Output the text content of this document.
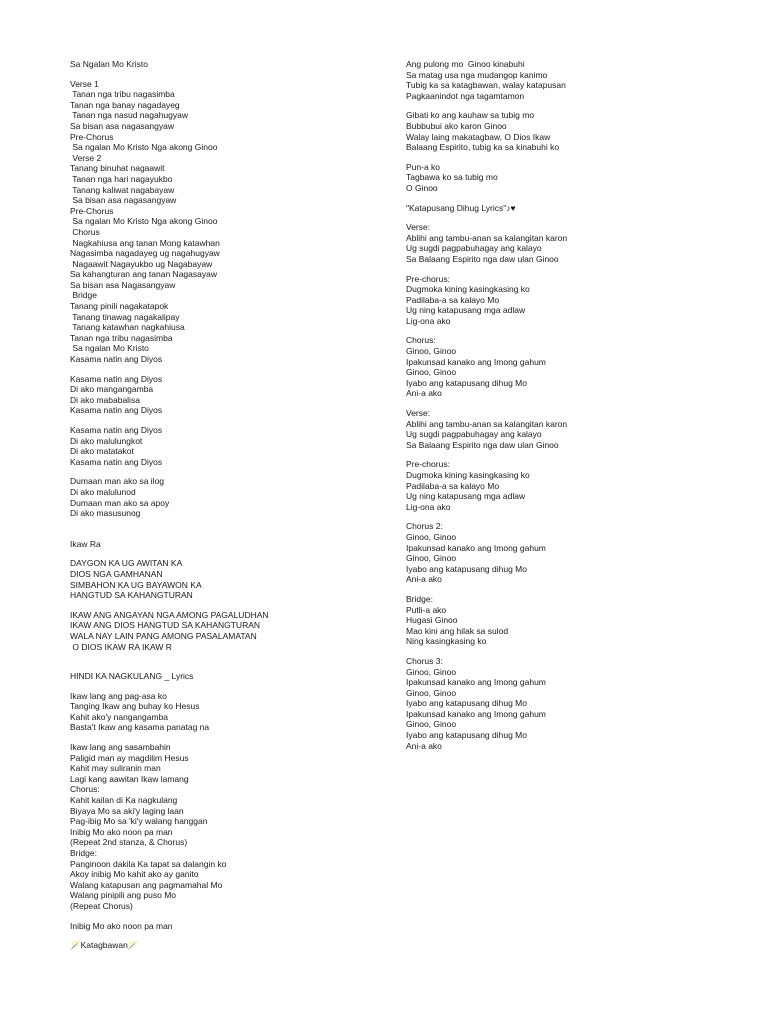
Sa Ngalan Mo Kristo
Verse 1
Tanan nga tribu nagasimba
Tanan nga banay nagadayeg
Tanan nga nasud nagahugyaw
Sa bisan asa nagasangyaw
Pre-Chorus
Sa ngalan Mo Kristo Nga akong Ginoo
Verse 2
Tanang binuhat nagaawit
Tanan nga hari nagayukbo
Tanang kaliwat nagabayaw
Sa bisan asa nagasangyaw
Pre-Chorus
Sa ngalan Mo Kristo Nga akong Ginoo
Chorus
Nagkahiusa ang tanan Mong katawhan
Nagasimba nagadayeg ug nagahugyaw
Nagaawit Nagayukbo ug Nagabayaw
Sa kahangturan ang tanan Nagasayaw
Sa bisan asa Nagasangyaw
Bridge
Tanang pinili nagakatapok
Tanang tinawag nagakalipay
Tanang katawhan nagkahiusa
Tanan nga tribu nagasimba
Sa ngalan Mo Kristo
Kasama natin ang Diyos
Kasama natin ang Diyos
Di ako mangangamba
Di ako mababalisa
Kasama natin ang Diyos
Kasama natin ang Diyos
Di ako malulungkot
Di ako matatakot
Kasama natin ang Diyos
Dumaan man ako sa ilog
Di ako malulunod
Dumaan man ako sa apoy
Di ako masusunog
Ikaw Ra
DAYGON KA UG AWITAN KA
DIOS NGA GAMHANAN
SIMBAHON KA UG BAYAWON KA
HANGTUD SA KAHANGTURAN
IKAW ANG ANGAYAN NGA AMONG PAGALUDHAN
IKAW ANG DIOS HANGTUD SA KAHANGTURAN
WALA NAY LAIN PANG AMONG PASALAMATAN
O DIOS IKAW RA IKAW R
HINDI KA NAGKULANG _ Lyrics
Ikaw lang ang pag-asa ko
Tanging Ikaw ang buhay ko Hesus
Kahit ako'y nangangamba
Basta't Ikaw ang kasama panatag na
Ikaw lang ang sasambahin
Paligid man ay magdilim Hesus
Kahit may suliranin man
Lagi kang aawitan Ikaw lamang
Chorus:
Kahit kailan di Ka nagkulang
Biyaya Mo sa aki'y laging laan
Pag-ibig Mo sa 'ki'y walang hanggan
Inibig Mo ako noon pa man
(Repeat 2nd stanza, & Chorus)
Bridge:
Panginoon dakila Ka tapat sa dalangin ko
Akoy inibig Mo kahit ako ay ganito
Walang katapusan ang pagmamahal Mo
Walang pinipili ang puso Mo
(Repeat Chorus)
Inibig Mo ako noon pa man
🪄Katagbawan🪄
Ang pulong mo  Ginoo kinabuhi
Sa matag usa nga mudangop kanimo
Tubig ka sa katagbawan, walay katapusan
Pagkaanindot nga tagamtamon
Gibati ko ang kauhaw sa tubig mo
Bubbubui ako karon Ginoo
Walay laing makatagbaw, O Dios Ikaw
Balaang Espirito, tubig ka sa kinabuhi ko
Pun-a ko
Tagbawa ko sa tubig mo
O Ginoo
"Katapusang Dihug Lyrics"♪♥
Verse:
Ablihi ang tambu-anan sa kalangitan karon
Ug sugdi pagpabuhagay ang kalayo
Sa Balaang Espirito nga daw ulan Ginoo
Pre-chorus:
Dugmoka kining kasingkasing ko
Padilaba-a sa kalayo Mo
Ug ning katapusang mga adlaw
Lig-ona ako
Chorus:
Ginoo, Ginoo
Ipakunsad kanako ang Imong gahum
Ginoo, Ginoo
Iyabo ang katapusang dihug Mo
Ani-a ako
Verse:
Ablihi ang tambu-anan sa kalangitan karon
Ug sugdi pagpabuhagay ang kalayo
Sa Balaang Espirito nga daw ulan Ginoo
Pre-chorus:
Dugmoka kining kasingkasing ko
Padilaba-a sa kalayo Mo
Ug ning katapusang mga adlaw
Lig-ona ako
Chorus 2:
Ginoo, Ginoo
Ipakunsad kanako ang Imong gahum
Ginoo, Ginoo
Iyabo ang katapusang dihug Mo
Ani-a ako
Bridge:
Putli-a ako
Hugasi Ginoo
Mao kini ang hilak sa sulod
Ning kasingkasing ko
Chorus 3:
Ginoo, Ginoo
Ipakunsad kanako ang Imong gahum
Ginoo, Ginoo
Iyabo ang katapusang dihug Mo
Ipakunsad kanako ang Imong gahum
Ginoo, Ginoo
Iyabo ang katapusang dihug Mo
Ani-a ako
